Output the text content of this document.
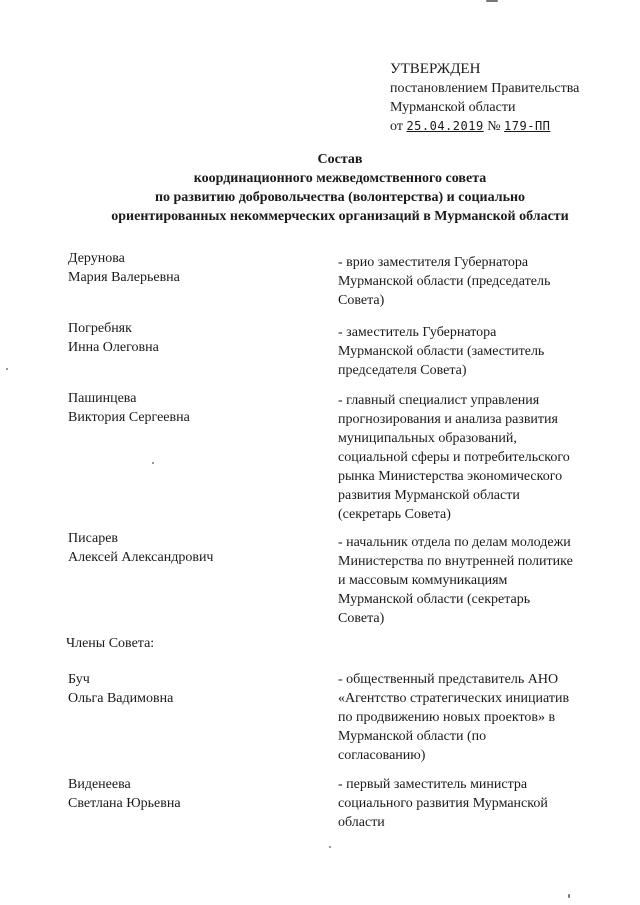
УТВЕРЖДЕН
постановлением Правительства
Мурманской области
от 25.04.2019 № 179-ПП
Состав
координационного межведомственного совета
по развитию добровольчества (волонтерства) и социально
ориентированных некоммерческих организаций в Мурманской области
Дерунова
Мария Валерьевна
- врио заместителя Губернатора
Мурманской области (председатель
Совета)
Погребняк
Инна Олеговна
- заместитель Губернатора
Мурманской области (заместитель
председателя Совета)
Пашинцева
Виктория Сергеевна
- главный специалист управления
прогнозирования и анализа развития
муниципальных образований,
социальной сферы и потребительского
рынка Министерства экономического
развития Мурманской области
(секретарь Совета)
Писарев
Алексей Александрович
- начальник отдела по делам молодежи
Министерства по внутренней политике
и массовым коммуникациям
Мурманской области (секретарь
Совета)
Члены Совета:
Буч
Ольга Вадимовна
- общественный представитель АНО
«Агентство стратегических инициатив
по продвижению новых проектов» в
Мурманской области (по
согласованию)
Виденеева
Светлана Юрьевна
- первый заместитель министра
социального развития Мурманской
области
